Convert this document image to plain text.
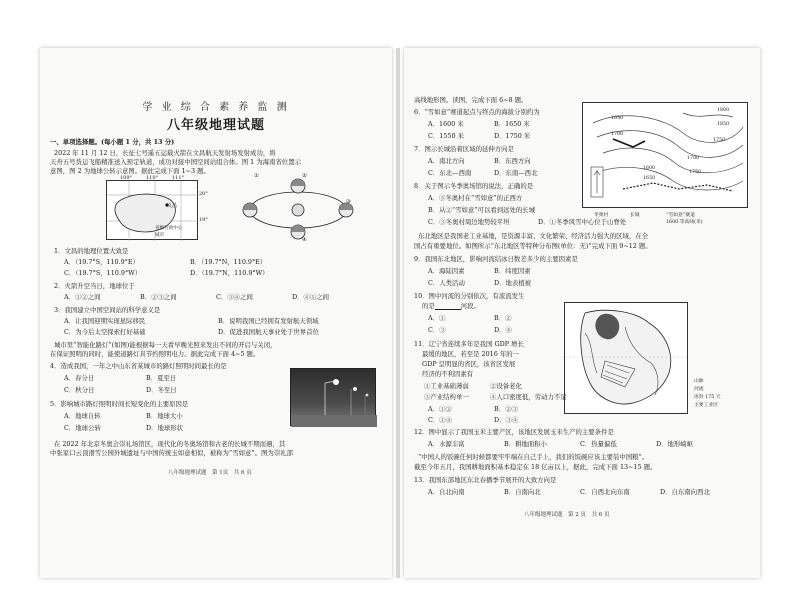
学 业 综 合 素 养 监 测
八年级地理试题
一、单项选择题。(每小题 1 分，共 13 分)
2022 年 11 月 12 日，长征七号遥五运载火箭在文昌航天发射场发射成功，将
天舟五号货运飞船精准送入预定轨道，成功对接中国空间站组合体。图 1 为海南省位置示
意图，图 2 为地球公转示意图。据此完成下面 1~3 题。
文昌
省级行政中心
城市
109°	110°	111°
20°
19°
①	②
③
④
1．文昌的地理位置大致是
A．（19.7°S，110.9°E）	B．（19.7°N，110.9°E）
C．（19.7°S，110.9°W）	D．（19.7°N，110.9°W）
2．火箭升空当日，地球位于
A．①②之间	B．②③之间	C．③④之间	D．④①之间
3．我国建立中国空间站的科学意义是
A．让我国迎期实现星际移民	B．说明我国已经拥有发射航天领域
C．为今后太空探索打好基础	D．促进我国航天事业处于世界首位
城市里“智能化路灯”(如图)能根据每一天看早晚光照来发出不同的开启与关闭，
在保证照明的同时，能使道路灯具节约照明电力。据此完成下面 4~5 题。
4．造成我国，一年之中山东省某城市的路灯照明时间最长的是
A．春分日	B．夏至日
C．秋分日	D．冬至日
5．影响城市路灯照明时间长短变化的主要原因是
A．地球自转	B．地球大小
C．地球公转	D．地球形状
在 2022 年北京冬奥会崇礼场馆区，现代化的冬奥场馆和古老的长城不期而遇，其
中张家口云顶滑雪公园外城遗址与中国传统玉如意相似，被称为“雪如意”。图为崇礼部
八年级地理试题　第 1页　共 6 页
高线地形图。读图，完成下面 6~8 题。
6．“雪如意”赛道起点与终点的海拔分别约为
A．1600 米	B．1650 米
C．1550 米	D．1750 米
7．图示长城沿着区域的延伸方向是
A．南北方向	B．东西方向
C．东北—西南	D．东南—西北
8．关于图示冬季奥场馆的说法，正确的是
A．③冬奥村在“雪如意”的正西方
B．从②“雪如意”可以看到远处的长城
C．③冬奥村周边地势较平坦	D．①冬季风雪中心位于山脊处
1650
1700
1800
1850
1750
1600
1650
1750
1700
冬奥村	长城	“雪如意”赛道
1600 等高线(米)
东北地区是我国老工业基地，是资源丰富、文化繁荣、经济活力强大的区域，在全
国占有重要地位。如图所示“东北地区等特种分布图(单位：无)”完成下面 9~12 题。
9．我国东北地区，影响河流结冰日数差多少的主要因素是
A．海陆因素	B．纬度因素
C．人类活动	D．地表植被
10．图中河流的分别依次，有流流发生
的是	河段。
A．①	B．②
C．③	D．④
山脉
河流
冰封 175 天
主要工业区
11．辽宁省连续多年是我国 GDP 增长
最缓的地区，若至是 2016 年的一
GDP 呈明显的省区，该省区发展
经济的不利因素有
①工业基础薄弱	②设备老化
③产业结构单一	④人口密度低，劳动力不足
A．①②	B．②③
C．①④	D．③④
12．图中显示了我国玉米主要产区，该地区发展玉米生产的主要条件是
A．水源丰富	B．耕地面积小	C．热量偏低	D．地形崎岖
“中国人的饭碗任何时候都要牢牢端在自己手上，我们的饭碗应该主要装中国粮”。
截至今年五月，我国耕地面积基本稳定在 18 亿亩以上，据此，完成下面 13~15 题。
13．我国东部地区东北春播季节展开的大致方向是
A．自北向南	B．自南向北	C．自西北向东南	D．自东南向西北
八年级地理试题　第 2 页　共 6 页
